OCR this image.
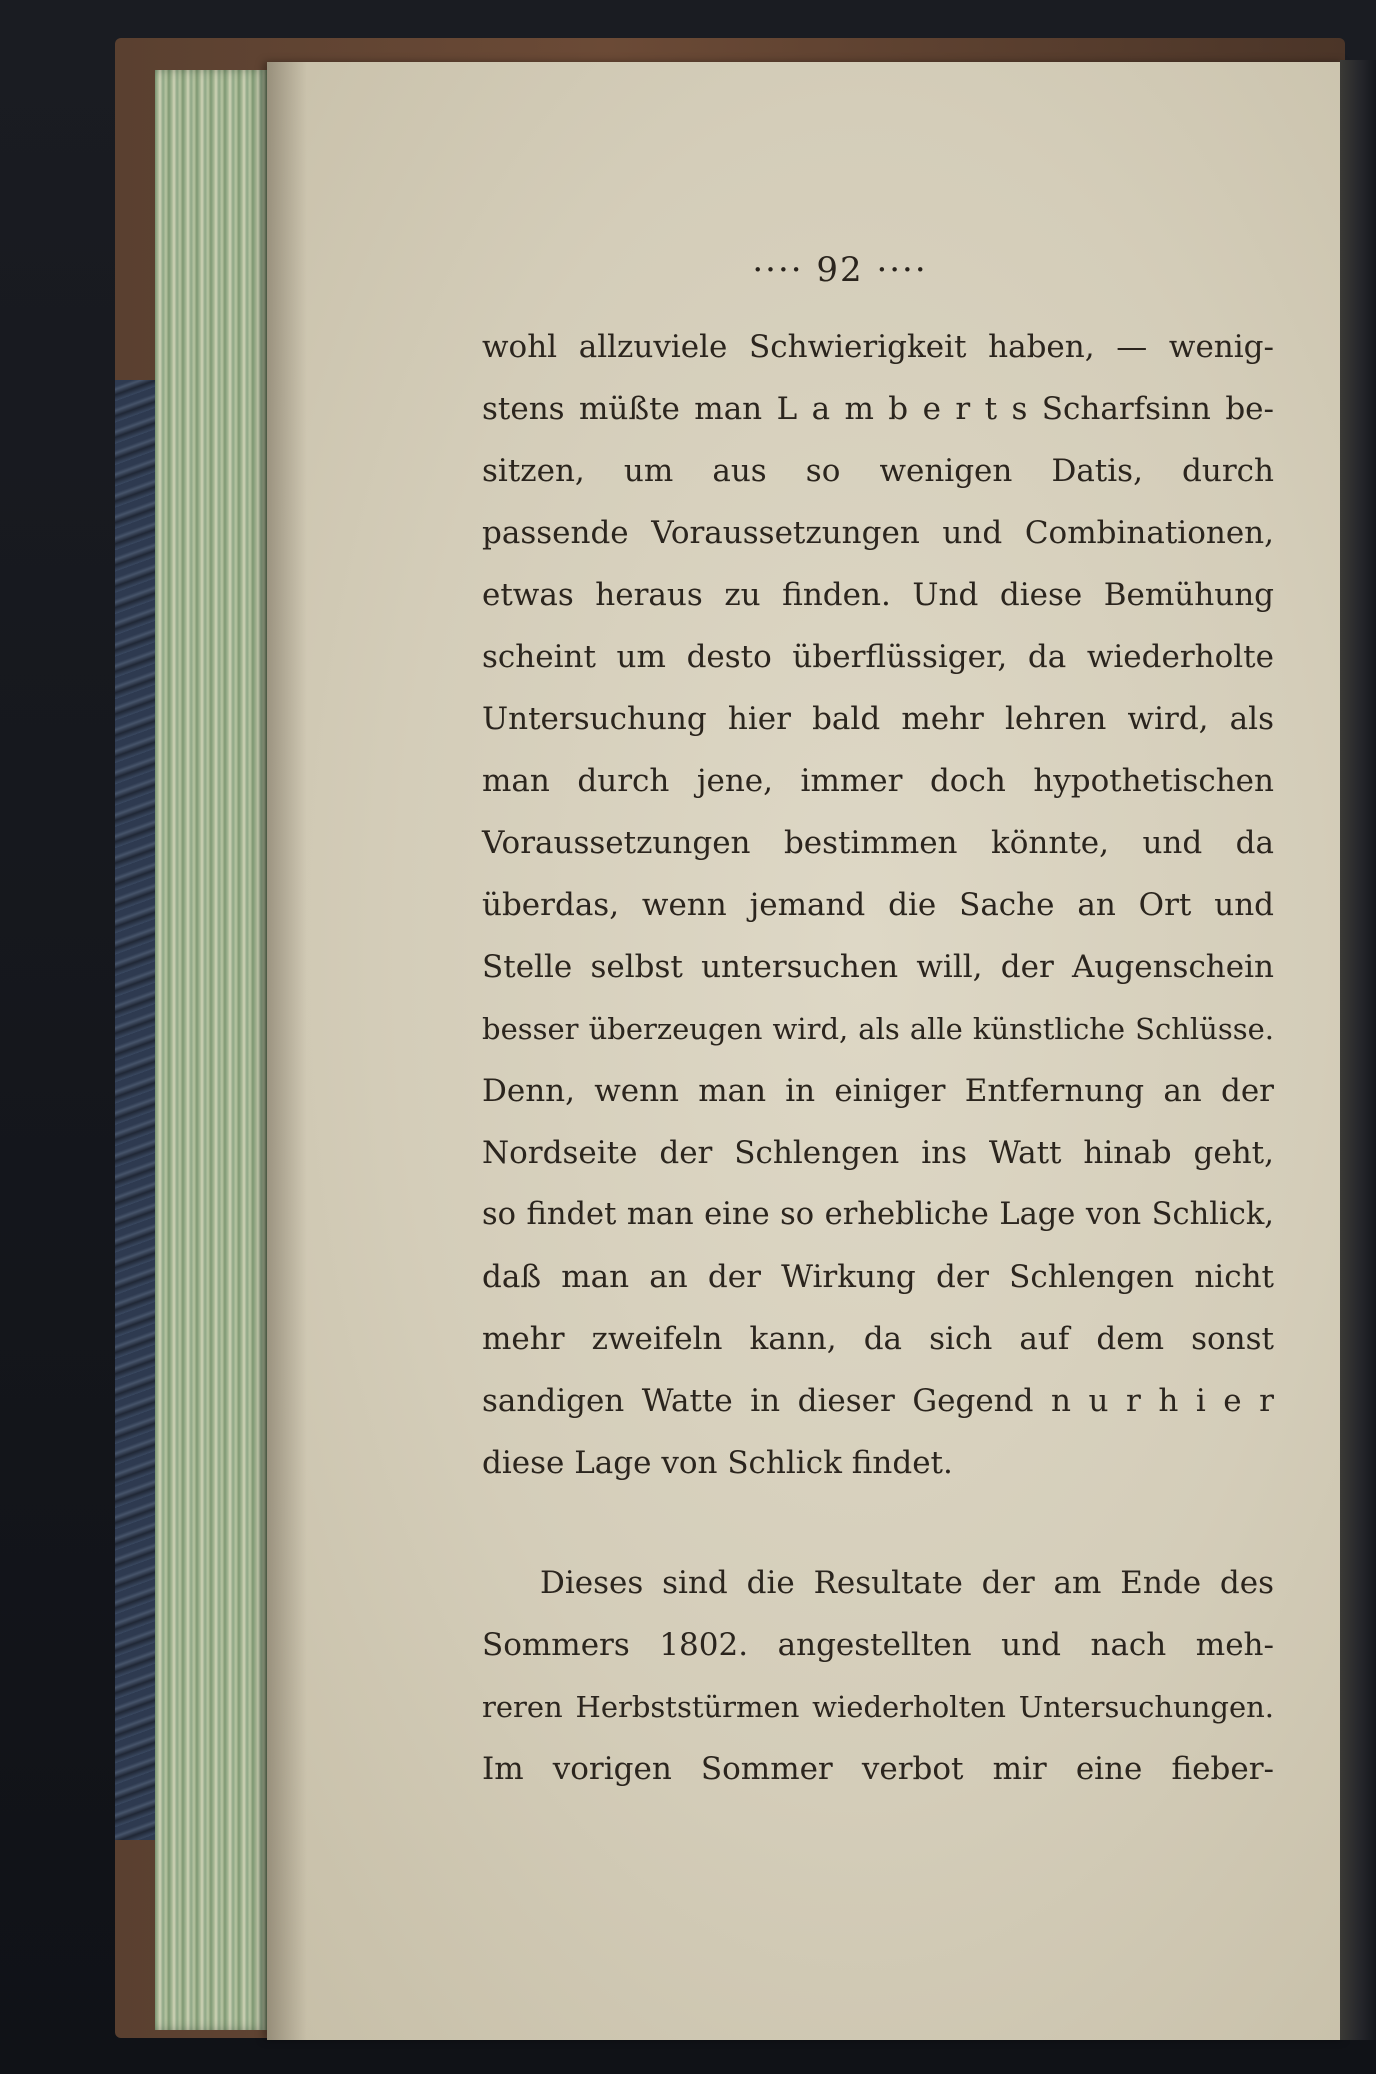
···· 92 ····
wohl allzuviele Schwierigkeit haben, — wenig-
stens müßte man L a m b e r t s Scharfsinn be-
sitzen, um aus so wenigen Datis, durch
passende Voraussetzungen und Combinationen,
etwas heraus zu finden. Und diese Bemühung
scheint um desto überflüssiger, da wiederholte
Untersuchung hier bald mehr lehren wird, als
man durch jene, immer doch hypothetischen
Voraussetzungen bestimmen könnte, und da
überdas, wenn jemand die Sache an Ort und
Stelle selbst untersuchen will, der Augenschein
besser überzeugen wird, als alle künstliche Schlüsse.
Denn, wenn man in einiger Entfernung an der
Nordseite der Schlengen ins Watt hinab geht,
so findet man eine so erhebliche Lage von Schlick,
daß man an der Wirkung der Schlengen nicht
mehr zweifeln kann, da sich auf dem sonst
sandigen Watte in dieser Gegend n u r h i e r
diese Lage von Schlick findet.
Dieses sind die Resultate der am Ende des
Sommers 1802. angestellten und nach meh-
reren Herbststürmen wiederholten Untersuchungen.
Im vorigen Sommer verbot mir eine fieber-
